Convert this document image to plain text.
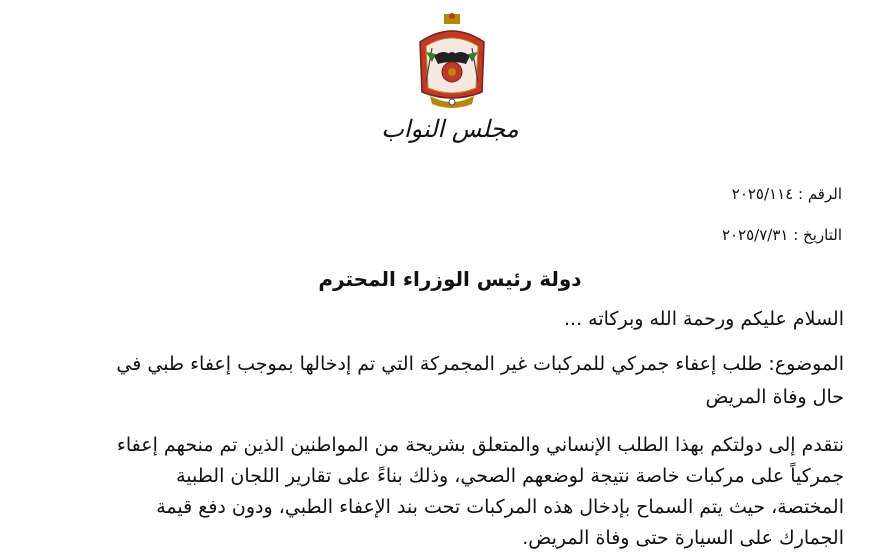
مجلس النواب
الرقم : ٢٠٢٥/١١٤
التاريخ : ٢٠٢٥/٧/٣١
دولة رئيس الوزراء المحترم
السلام عليكم ورحمة الله وبركاته ...
الموضوع: طلب إعفاء جمركي للمركبات غير المجمركة التي تم إدخالها بموجب إعفاء طبي في
حال وفاة المريض
نتقدم إلى دولتكم بهذا الطلب الإنساني والمتعلق بشريحة من المواطنين الذين تم منحهم إعفاء
جمركياً على مركبات خاصة نتيجة لوضعهم الصحي، وذلك بناءً على تقارير اللجان الطبية
المختصة، حيث يتم السماح بإدخال هذه المركبات تحت بند الإعفاء الطبي، ودون دفع قيمة
الجمارك على السيارة حتى وفاة المريض.
